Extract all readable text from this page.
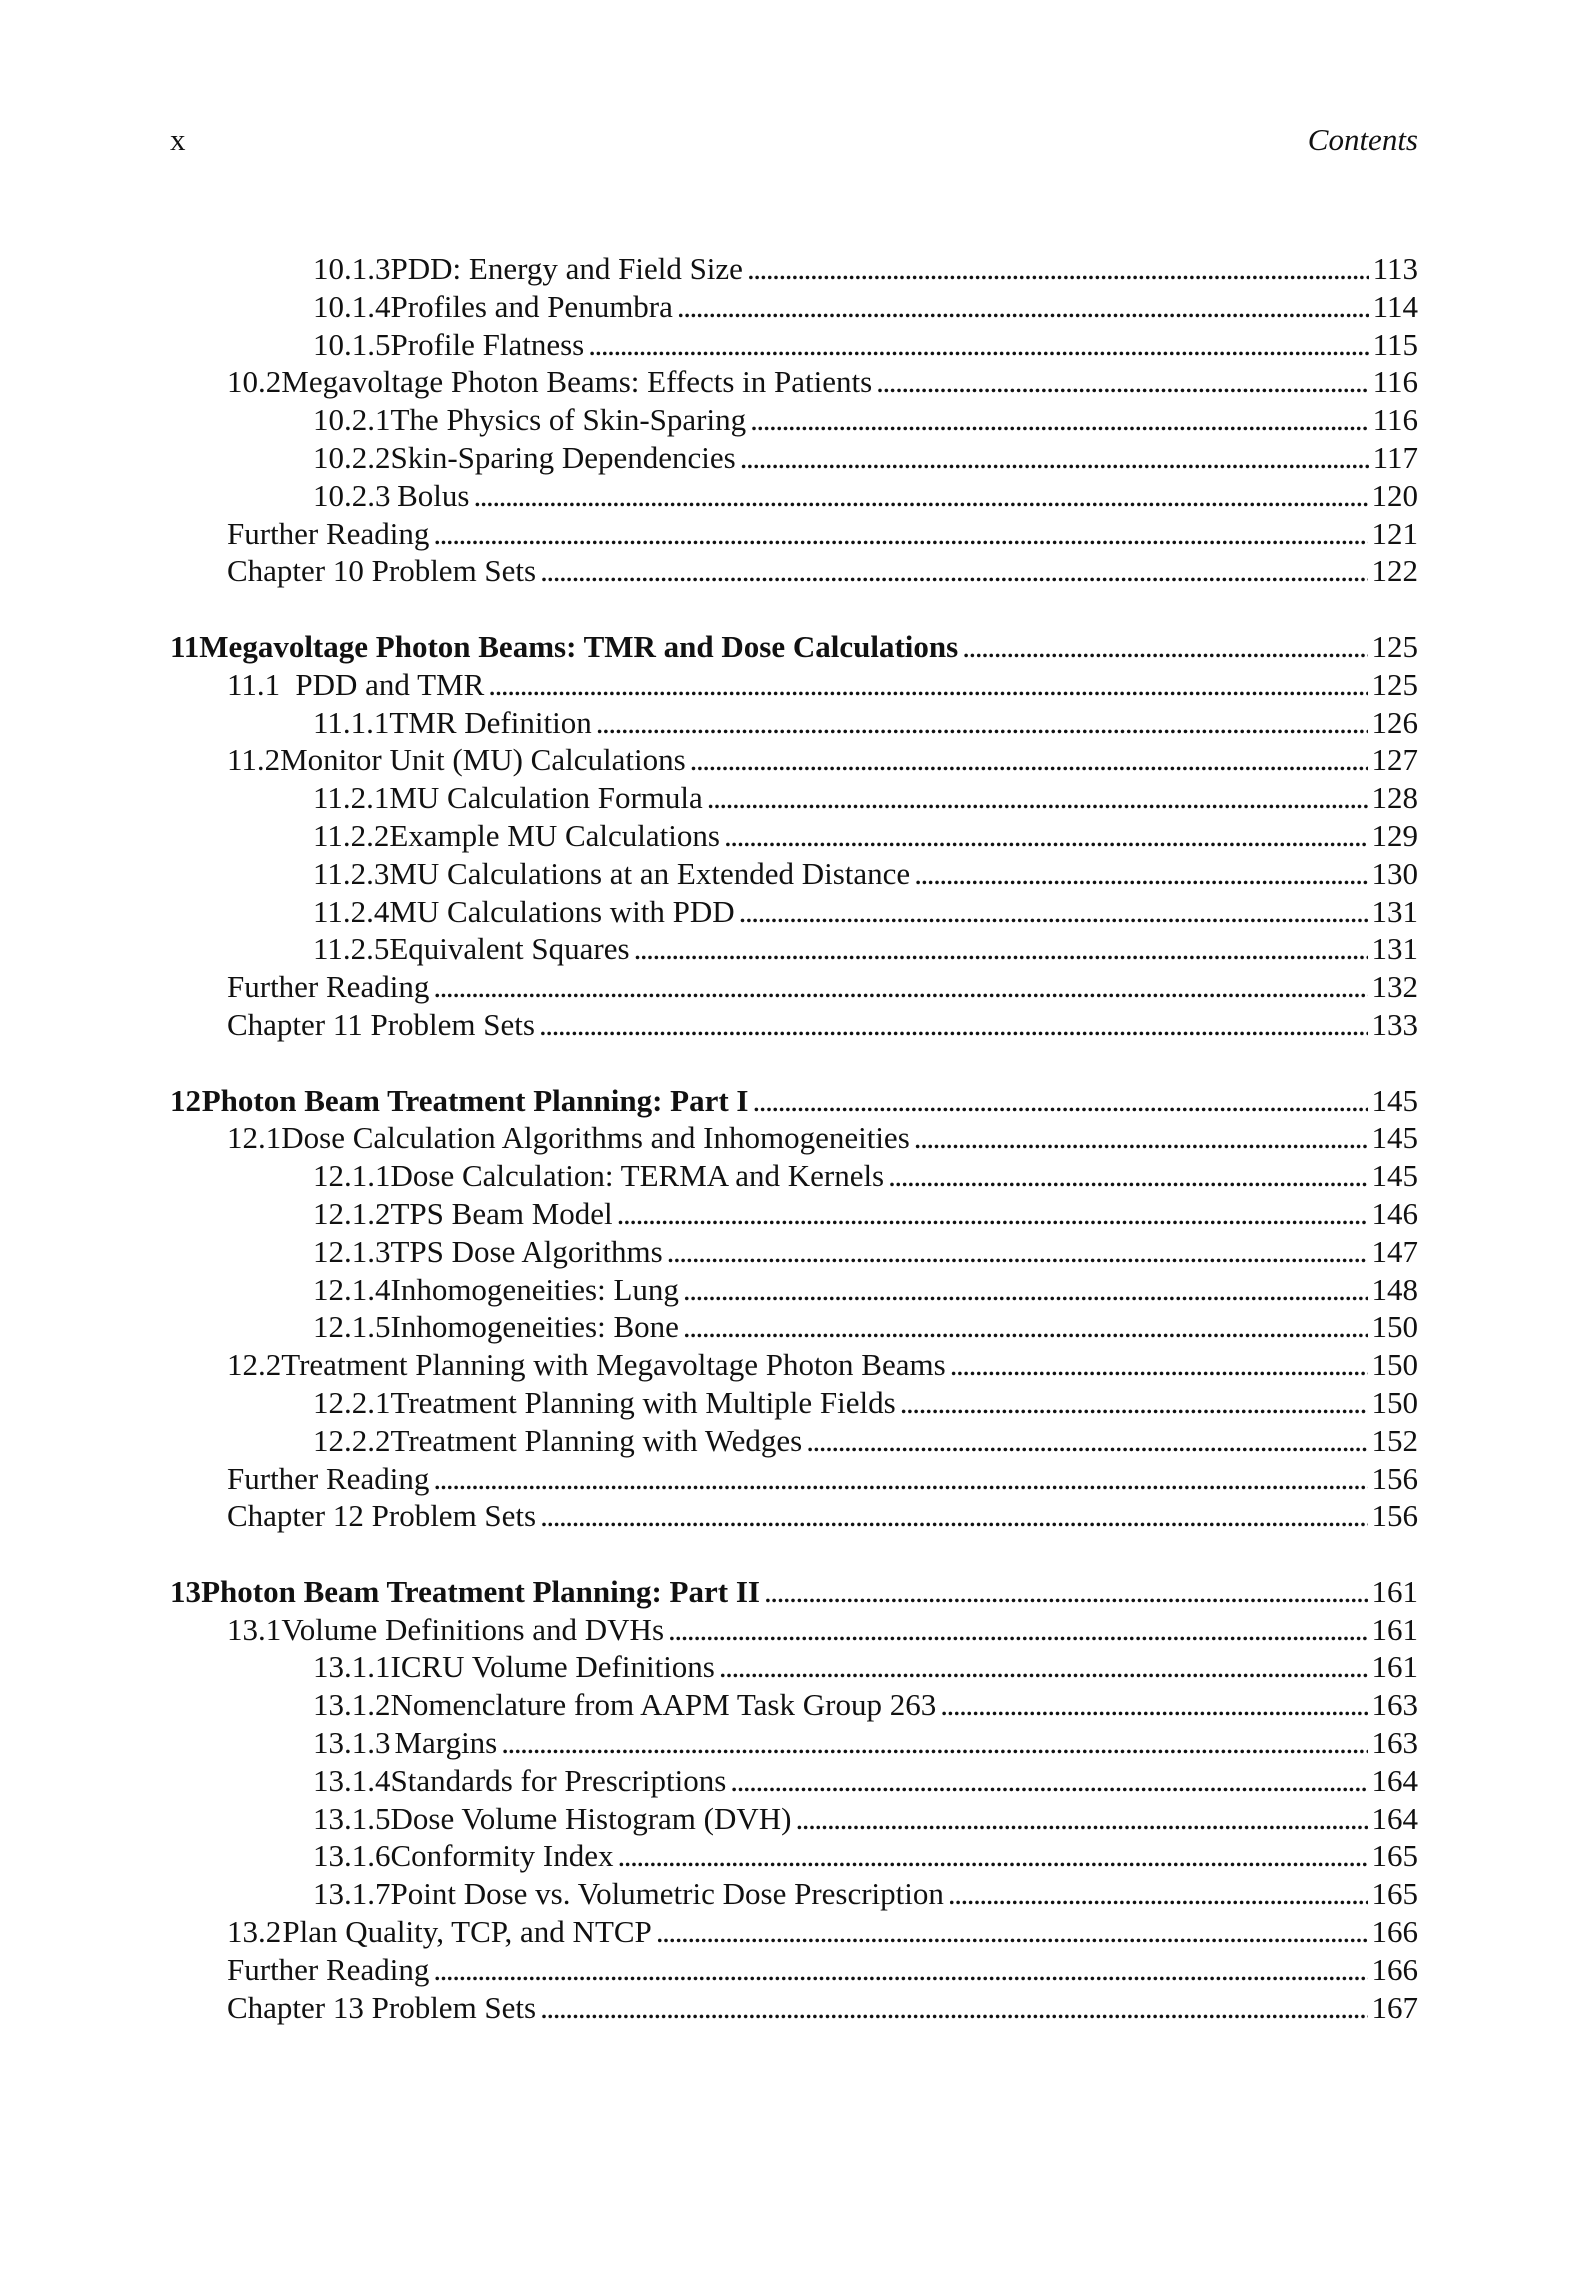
x	Contents
10.1.3 PDD: Energy and Field Size . . .	113
10.1.4 Profiles and Penumbra . . .	114
10.1.5 Profile Flatness . . .	115
10.2 Megavoltage Photon Beams: Effects in Patients . . .	116
10.2.1 The Physics of Skin-Sparing . . .	116
10.2.2 Skin-Sparing Dependencies . . .	117
10.2.3 Bolus . . .	120
Further Reading . . .	121
Chapter 10 Problem Sets . . .	122
11 Megavoltage Photon Beams: TMR and Dose Calculations . . .	125
11.1 PDD and TMR . . .	125
11.1.1 TMR Definition . . .	126
11.2 Monitor Unit (MU) Calculations . . .	127
11.2.1 MU Calculation Formula . . .	128
11.2.2 Example MU Calculations . . .	129
11.2.3 MU Calculations at an Extended Distance . . .	130
11.2.4 MU Calculations with PDD . . .	131
11.2.5 Equivalent Squares . . .	131
Further Reading . . .	132
Chapter 11 Problem Sets . . .	133
12 Photon Beam Treatment Planning: Part I . . .	145
12.1 Dose Calculation Algorithms and Inhomogeneities . . .	145
12.1.1 Dose Calculation: TERMA and Kernels . . .	145
12.1.2 TPS Beam Model . . .	146
12.1.3 TPS Dose Algorithms . . .	147
12.1.4 Inhomogeneities: Lung . . .	148
12.1.5 Inhomogeneities: Bone . . .	150
12.2 Treatment Planning with Megavoltage Photon Beams . . .	150
12.2.1 Treatment Planning with Multiple Fields . . .	150
12.2.2 Treatment Planning with Wedges . . .	152
Further Reading . . .	156
Chapter 12 Problem Sets . . .	156
13 Photon Beam Treatment Planning: Part II . . .	161
13.1 Volume Definitions and DVHs . . .	161
13.1.1 ICRU Volume Definitions . . .	161
13.1.2 Nomenclature from AAPM Task Group 263 . . .	163
13.1.3 Margins . . .	163
13.1.4 Standards for Prescriptions . . .	164
13.1.5 Dose Volume Histogram (DVH) . . .	164
13.1.6 Conformity Index . . .	165
13.1.7 Point Dose vs. Volumetric Dose Prescription . . .	165
13.2 Plan Quality, TCP, and NTCP . . .	166
Further Reading . . .	166
Chapter 13 Problem Sets . . .	167
